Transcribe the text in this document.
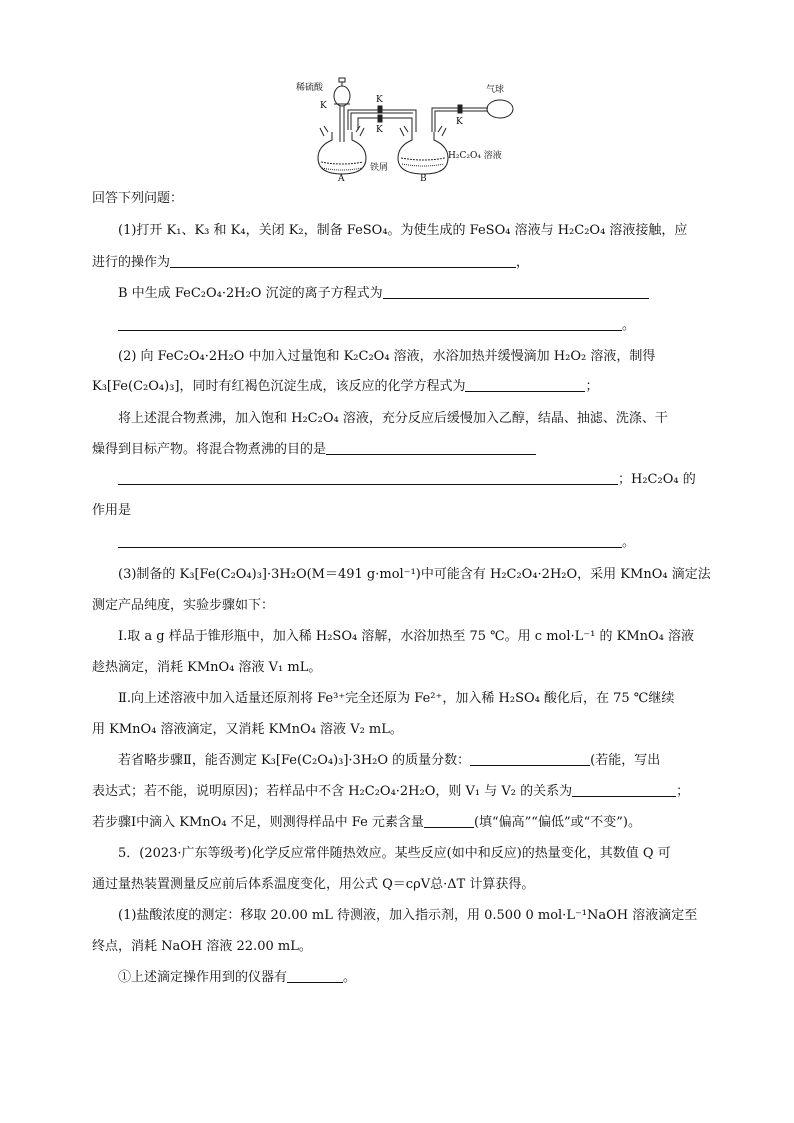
稀硫酸
K
K
K
K
气球
铁屑
H₂C₂O₄ 溶液
A	B
回答下列问题：
(1)打开 K₁、K₃ 和 K₄，关闭 K₂，制备 FeSO₄。为使生成的 FeSO₄ 溶液与 H₂C₂O₄ 溶液接触，应
进行的操作为	，
B 中生成 FeC₂O₄·2H₂O 沉淀的离子方程式为
。
(2) 向 FeC₂O₄·2H₂O 中加入过量饱和 K₂C₂O₄ 溶液，水浴加热并缓慢滴加 H₂O₂ 溶液，制得
K₃[Fe(C₂O₄)₃]，同时有红褐色沉淀生成，该反应的化学方程式为	；
将上述混合物煮沸，加入饱和 H₂C₂O₄ 溶液，充分反应后缓慢加入乙醇，结晶、抽滤、洗涤、干
燥得到目标产物。将混合物煮沸的目的是
；H₂C₂O₄ 的
作用是
。
(3)制备的 K₃[Fe(C₂O₄)₃]·3H₂O(M＝491 g·mol⁻¹)中可能含有 H₂C₂O₄·2H₂O，采用 KMnO₄ 滴定法
测定产品纯度，实验步骤如下：
Ⅰ.取 a g 样品于锥形瓶中，加入稀 H₂SO₄ 溶解，水浴加热至 75 ℃。用 c mol·L⁻¹ 的 KMnO₄ 溶液
趁热滴定，消耗 KMnO₄ 溶液 V₁ mL。
Ⅱ.向上述溶液中加入适量还原剂将 Fe³⁺完全还原为 Fe²⁺，加入稀 H₂SO₄ 酸化后，在 75 ℃继续
用 KMnO₄ 溶液滴定，又消耗 KMnO₄ 溶液 V₂ mL。
若省略步骤Ⅱ，能否测定 K₃[Fe(C₂O₄)₃]·3H₂O 的质量分数：	(若能，写出
表达式；若不能，说明原因)；若样品中不含 H₂C₂O₄·2H₂O，则 V₁ 与 V₂ 的关系为	；
若步骤Ⅰ中滴入 KMnO₄ 不足，则测得样品中 Fe 元素含量	(填“偏高”“偏低”或“不变”)。
5．(2023·广东等级考)化学反应常伴随热效应。某些反应(如中和反应)的热量变化，其数值 Q 可
通过量热装置测量反应前后体系温度变化，用公式 Q＝cρV总·ΔT 计算获得。
(1)盐酸浓度的测定：移取 20.00 mL 待测液，加入指示剂，用 0.500 0 mol·L⁻¹NaOH 溶液滴定至
终点，消耗 NaOH 溶液 22.00 mL。
①上述滴定操作用到的仪器有	。
